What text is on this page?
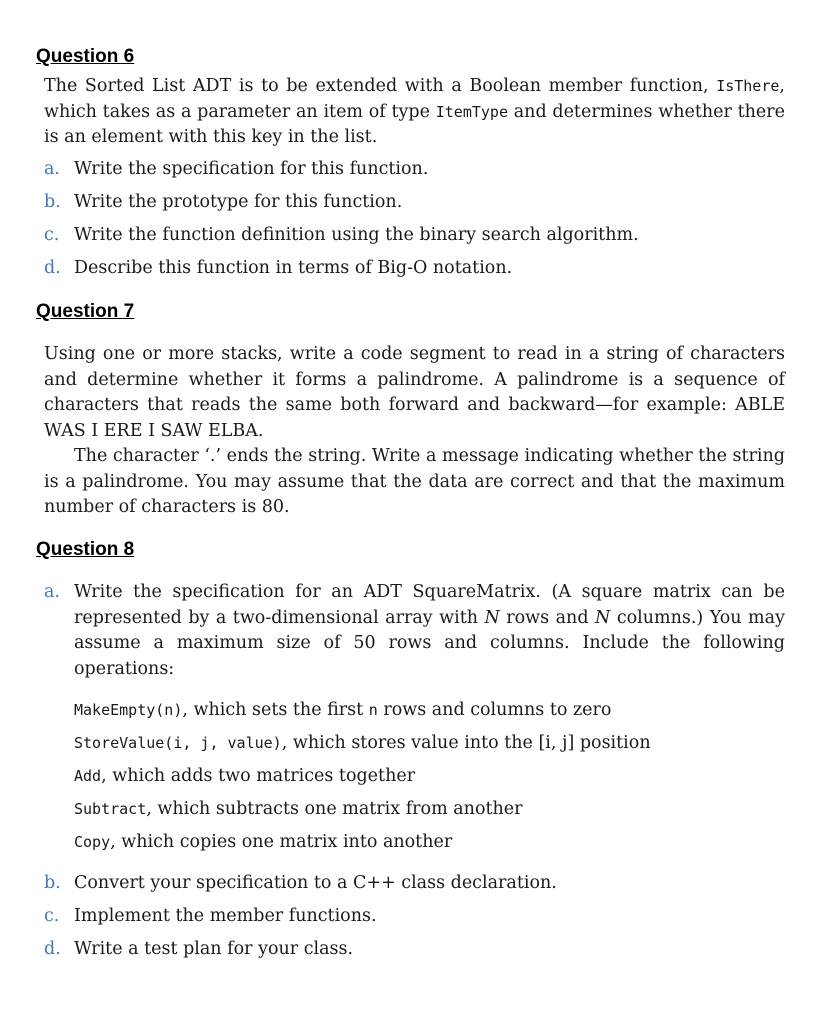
Question 6
The Sorted List ADT is to be extended with a Boolean member function, IsThere, which takes as a parameter an item of type ItemType and determines whether there is an element with this key in the list.
a. Write the specification for this function.
b. Write the prototype for this function.
c. Write the function definition using the binary search algorithm.
d. Describe this function in terms of Big-O notation.
Question 7
Using one or more stacks, write a code segment to read in a string of characters and determine whether it forms a palindrome. A palindrome is a sequence of characters that reads the same both forward and backward—for example: ABLE WAS I ERE I SAW ELBA.
The character ‘.’ ends the string. Write a message indicating whether the string is a palindrome. You may assume that the data are correct and that the maximum number of characters is 80.
Question 8
a. Write the specification for an ADT SquareMatrix. (A square matrix can be represented by a two-dimensional array with N rows and N columns.) You may assume a maximum size of 50 rows and columns. Include the following operations:
MakeEmpty(n), which sets the first n rows and columns to zero
StoreValue(i, j, value), which stores value into the [i, j] position
Add, which adds two matrices together
Subtract, which subtracts one matrix from another
Copy, which copies one matrix into another
b. Convert your specification to a C++ class declaration.
c. Implement the member functions.
d. Write a test plan for your class.
